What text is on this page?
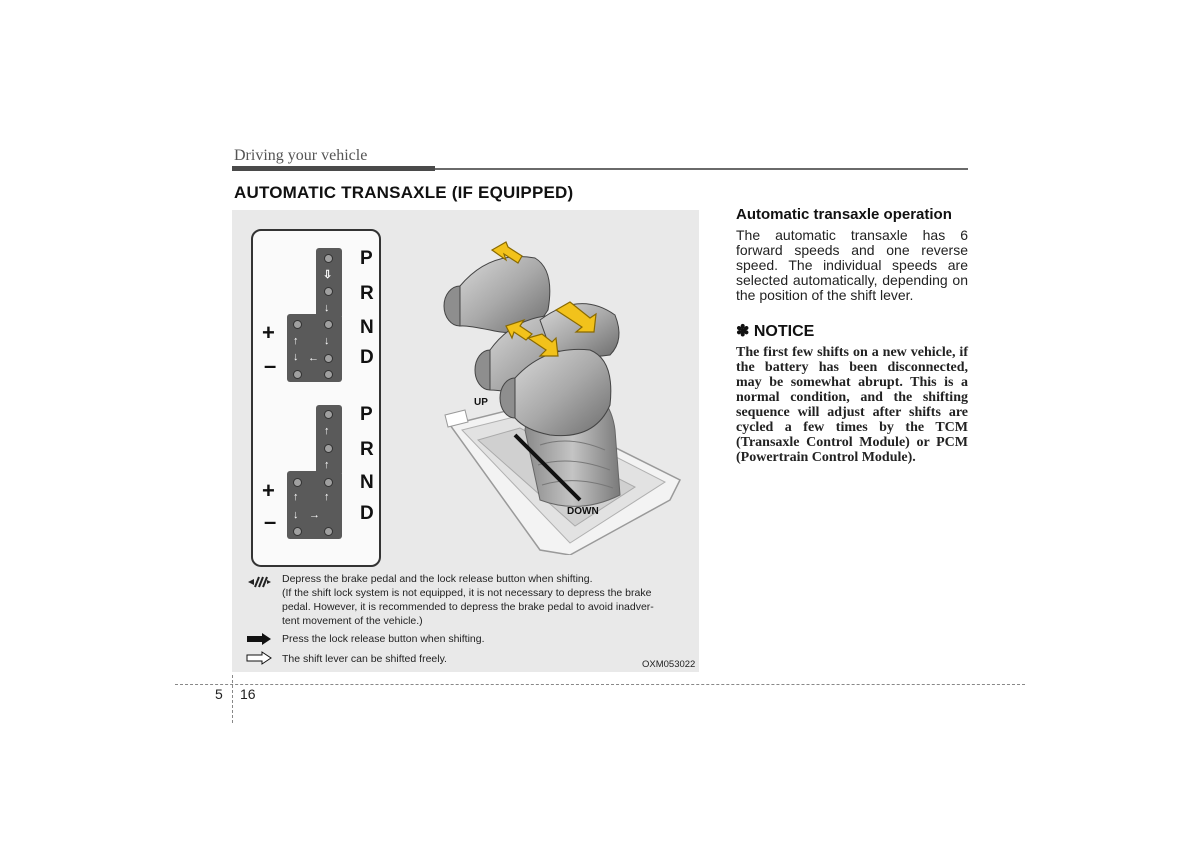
Driving your vehicle
AUTOMATIC TRANSAXLE (IF EQUIPPED)
⇩
↓
↓
↑
↓ ←
P
R
N
D
+
–
↑
↑
↑
↑
↓ →
P
R
N
D
+
–
UP
DOWN
Depress the brake pedal and the lock release button when shifting.
(If the shift lock system is not equipped, it is not necessary to depress the brake
pedal. However, it is recommended to depress the brake pedal to avoid inadver-
tent movement of the vehicle.)
Press the lock release button when shifting.
The shift lever can be shifted freely.	OXM053022
Automatic transaxle operation

The automatic transaxle has 6 forward speeds and one reverse speed. The individual speeds are selected automatically, depending on the position of the shift lever.

✽ NOTICE

The first few shifts on a new vehicle, if the battery has been disconnected, may be somewhat abrupt. This is a normal condition, and the shifting sequence will adjust after shifts are cycled a few times by the TCM (Transaxle Control Module) or PCM (Powertrain Control Module).

5 16
